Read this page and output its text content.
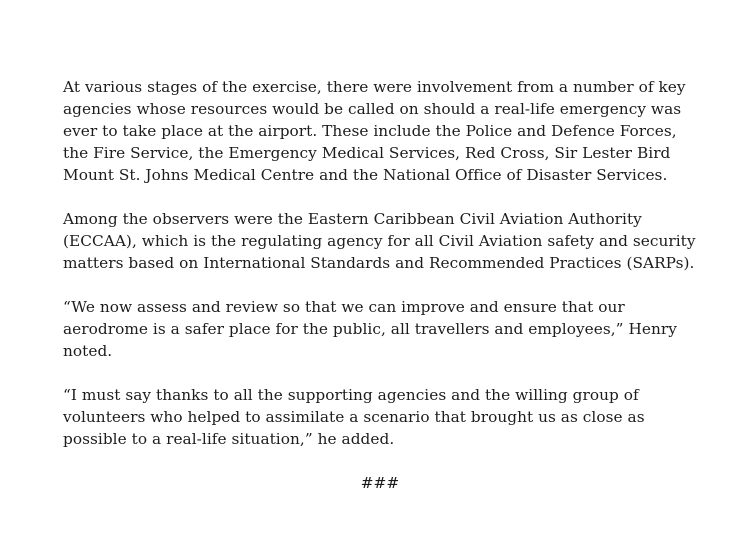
At various stages of the exercise, there were involvement from a number of key agencies whose resources would be called on should a real-life emergency was ever to take place at the airport. These include the Police and Defence Forces, the Fire Service, the Emergency Medical Services, Red Cross, Sir Lester Bird Mount St. Johns Medical Centre and the National Office of Disaster Services.

Among the observers were the Eastern Caribbean Civil Aviation Authority (ECCAA), which is the regulating agency for all Civil Aviation safety and security matters based on International Standards and Recommended Practices (SARPs).

“We now assess and review so that we can improve and ensure that our aerodrome is a safer place for the public, all travellers and employees,” Henry noted.

“I must say thanks to all the supporting agencies and the willing group of volunteers who helped to assimilate a scenario that brought us as close as possible to a real-life situation,” he added.

###
